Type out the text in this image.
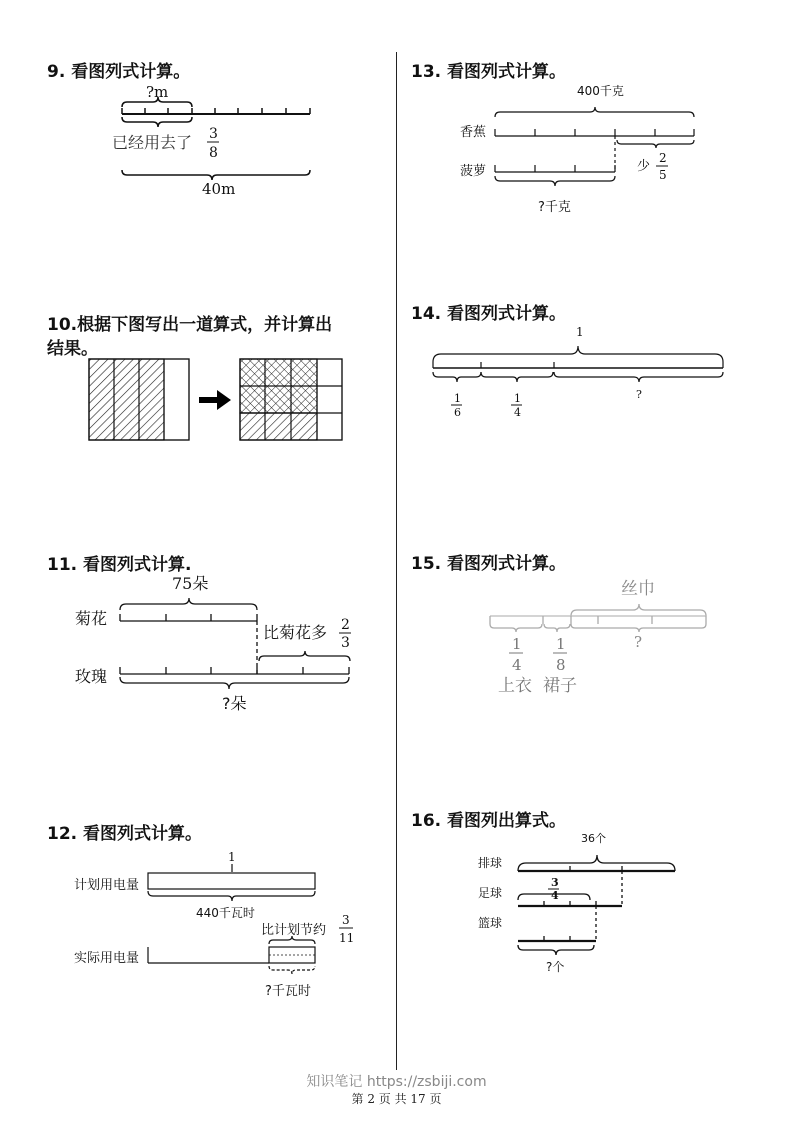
9. 看图列式计算。
10.根据下图写出一道算式，并计算出
结果。
11. 看图列式计算.
12. 看图列式计算。
13. 看图列式计算。
14. 看图列式计算。
15. 看图列式计算。
16. 看图列出算式。
?m
已经用去了 3
8
40m
75朵
菊花
比菊花多 2
3
玫瑰
?朵
1
计划用电量
440千瓦时
比计划节约
3
11
实际用电量
?千瓦时
400千克
香蕉
少
2
5
菠萝
?千克
1
1
6
1
4
?
丝巾
1
4
1
8
?
上衣 裙子
36个
排球
足球
3
4
篮球
?个
知识笔记 https://zsbiji.com
第 2 页 共 17 页
